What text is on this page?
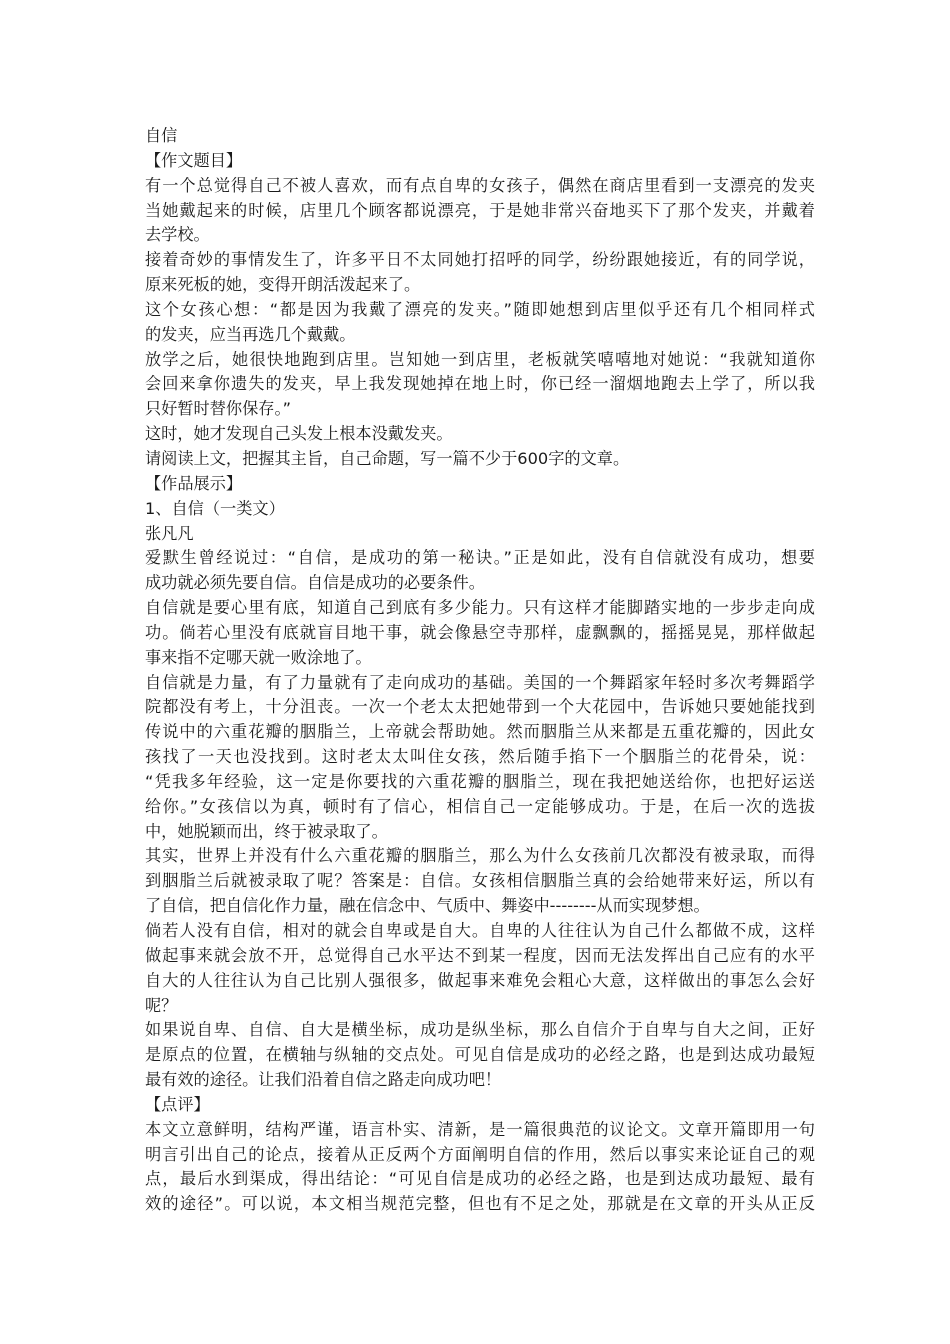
自信
【作文题目】
有一个总觉得自己不被人喜欢，而有点自卑的女孩子，偶然在商店里看到一支漂亮的发夹
当她戴起来的时候，店里几个顾客都说漂亮，于是她非常兴奋地买下了那个发夹，并戴着
去学校。
接着奇妙的事情发生了，许多平日不太同她打招呼的同学，纷纷跟她接近，有的同学说，
原来死板的她，变得开朗活泼起来了。
这个女孩心想：“都是因为我戴了漂亮的发夹。”随即她想到店里似乎还有几个相同样式
的发夹，应当再选几个戴戴。
放学之后，她很快地跑到店里。岂知她一到店里，老板就笑嘻嘻地对她说：“我就知道你
会回来拿你遗失的发夹，早上我发现她掉在地上时，你已经一溜烟地跑去上学了，所以我
只好暂时替你保存。”
这时，她才发现自己头发上根本没戴发夹。
请阅读上文，把握其主旨，自己命题，写一篇不少于600字的文章。
【作品展示】
1、自信（一类文）
张凡凡
爱默生曾经说过：“自信，是成功的第一秘诀。”正是如此，没有自信就没有成功，想要
成功就必须先要自信。自信是成功的必要条件。
自信就是要心里有底，知道自己到底有多少能力。只有这样才能脚踏实地的一步步走向成
功。倘若心里没有底就盲目地干事，就会像悬空寺那样，虚飘飘的，摇摇晃晃，那样做起
事来指不定哪天就一败涂地了。
自信就是力量，有了力量就有了走向成功的基础。美国的一个舞蹈家年轻时多次考舞蹈学
院都没有考上，十分沮丧。一次一个老太太把她带到一个大花园中，告诉她只要她能找到
传说中的六重花瓣的胭脂兰，上帝就会帮助她。然而胭脂兰从来都是五重花瓣的，因此女
孩找了一天也没找到。这时老太太叫住女孩，然后随手掐下一个胭脂兰的花骨朵，说：
“凭我多年经验，这一定是你要找的六重花瓣的胭脂兰，现在我把她送给你，也把好运送
给你。”女孩信以为真，顿时有了信心，相信自己一定能够成功。于是，在后一次的选拔
中，她脱颖而出，终于被录取了。
其实，世界上并没有什么六重花瓣的胭脂兰，那么为什么女孩前几次都没有被录取，而得
到胭脂兰后就被录取了呢？答案是：自信。女孩相信胭脂兰真的会给她带来好运，所以有
了自信，把自信化作力量，融在信念中、气质中、舞姿中--------从而实现梦想。
倘若人没有自信，相对的就会自卑或是自大。自卑的人往往认为自己什么都做不成，这样
做起事来就会放不开，总觉得自己水平达不到某一程度，因而无法发挥出自己应有的水平
自大的人往往认为自己比别人强很多，做起事来难免会粗心大意，这样做出的事怎么会好
呢？
如果说自卑、自信、自大是横坐标，成功是纵坐标，那么自信介于自卑与自大之间，正好
是原点的位置，在横轴与纵轴的交点处。可见自信是成功的必经之路，也是到达成功最短
最有效的途径。让我们沿着自信之路走向成功吧！
【点评】
本文立意鲜明，结构严谨，语言朴实、清新，是一篇很典范的议论文。文章开篇即用一句
明言引出自己的论点，接着从正反两个方面阐明自信的作用，然后以事实来论证自己的观
点，最后水到渠成，得出结论：“可见自信是成功的必经之路，也是到达成功最短、最有
效的途径”。可以说，本文相当规范完整，但也有不足之处，那就是在文章的开头从正反
